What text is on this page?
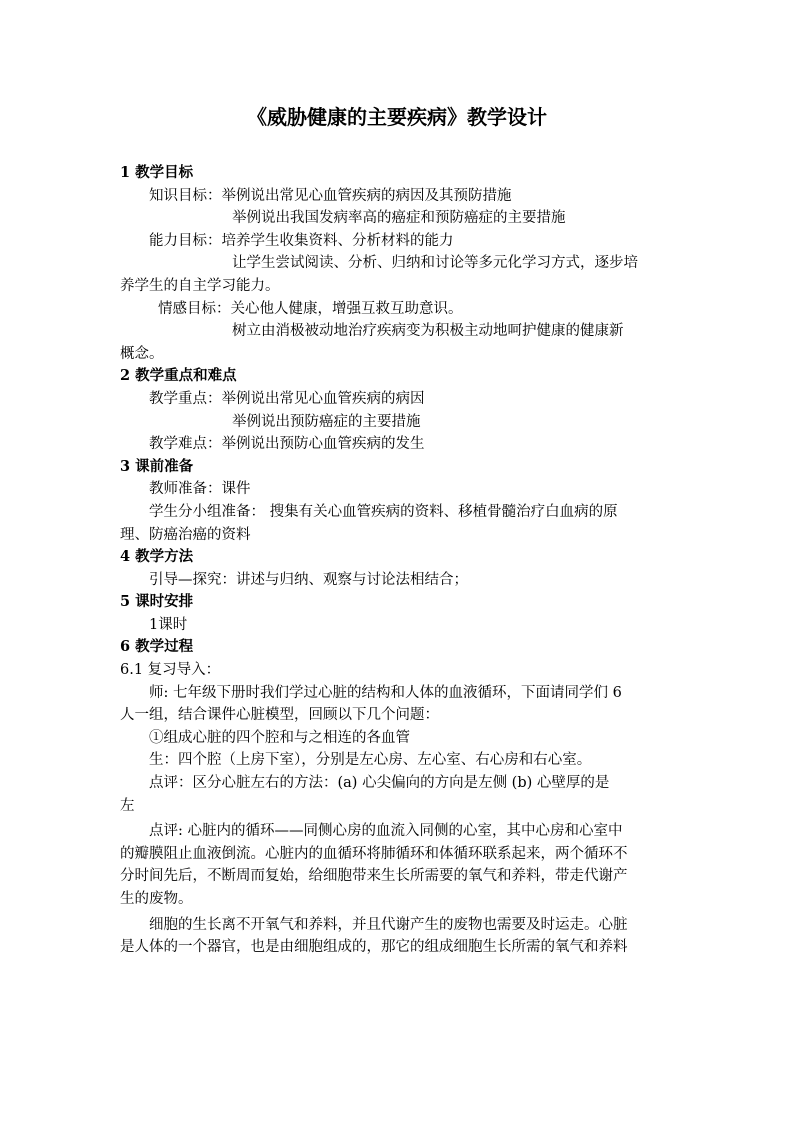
《威胁健康的主要疾病》教学设计

1 教学目标

知识目标：举例说出常见心血管疾病的病因及其预防措施

举例说出我国发病率高的癌症和预防癌症的主要措施

能力目标：培养学生收集资料、分析材料的能力

让学生尝试阅读、分析、归纳和讨论等多元化学习方式，逐步培

养学生的自主学习能力。

情感目标：关心他人健康，增强互救互助意识。

树立由消极被动地治疗疾病变为积极主动地呵护健康的健康新

概念。

2 教学重点和难点

教学重点：举例说出常见心血管疾病的病因

举例说出预防癌症的主要措施

教学难点：举例说出预防心血管疾病的发生

3 课前准备

教师准备：课件

学生分小组准备： 搜集有关心血管疾病的资料、移植骨髓治疗白血病的原

理、防癌治癌的资料

4 教学方法

引导—探究：讲述与归纳、观察与讨论法相结合；

5 课时安排

1课时

6 教学过程

6.1 复习导入：

师: 七年级下册时我们学过心脏的结构和人体的血液循环，下面请同学们 6

人一组，结合课件心脏模型，回顾以下几个问题：

①组成心脏的四个腔和与之相连的各血管

生：四个腔（上房下室），分别是左心房、左心室、右心房和右心室。

点评：区分心脏左右的方法：(a) 心尖偏向的方向是左侧 (b) 心壁厚的是

左

点评: 心脏内的循环——同侧心房的血流入同侧的心室，其中心房和心室中

的瓣膜阻止血液倒流。心脏内的血循环将肺循环和体循环联系起来，两个循环不

分时间先后，不断周而复始，给细胞带来生长所需要的氧气和养料，带走代谢产

生的废物。

细胞的生长离不开氧气和养料，并且代谢产生的废物也需要及时运走。心脏

是人体的一个器官，也是由细胞组成的，那它的组成细胞生长所需的氧气和养料
